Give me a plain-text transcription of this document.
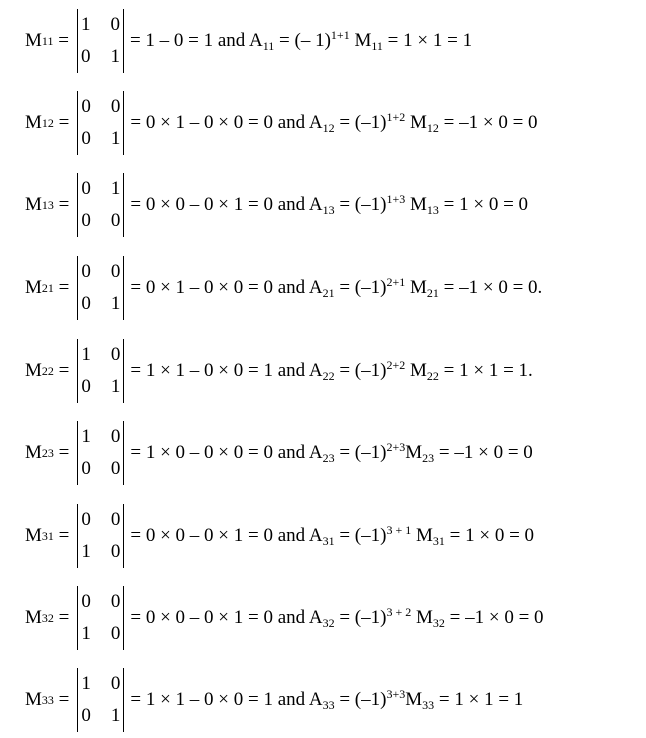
M 11 =
1	0
0	1
= 1 – 0 = 1 and $A_{11}$ = (– 1)$^{1+1}$ $M_{11} = 1 \times 1 = 1$
M 12 =
0	0
0	1
= 0 × 1 – 0 × 0 = 0 and $A_{12} = (-1)^{1+2}$ $M_{12} = -1 \times 0 = 0$
M 13 =
0	1
0	0
= 0 × 0 – 0 × 1 = 0 and $A_{13} = (-1)^{1+3}$ $M_{13} = 1 \times 0 = 0$
M 21 =
0	0
0	1
= 0 × 1 – 0 × 0 = 0 and $A_{21} = (-1)^{2+1}$ $M_{21} = -1 \times 0 = 0$.
M 22 =
1	0
0	1
= 1 × 1 – 0 × 0 = 1 and $A_{22} = (-1)^{2+2}$ $M_{22} = 1 \times 1 = 1$.
M 23 =
1	0
0	0
= 1 × 0 – 0 × 0 = 0 and $A_{23} = (-1)^{2+3}M_{23} = -1 \times 0 = 0$
M 31 =
0	0
1	0
= 0 × 0 – 0 × 1 = 0 and $A_{31} = (-1)^{3 + 1}$ $M_{31} = 1 \times 0 = 0$
M 32 =
0	0
1	0
= 0 × 0 – 0 × 1 = 0 and $A_{32} = (-1)^{3 + 2}$ $M_{32} = -1 \times 0 = 0$
M 33 =
1	0
0	1
= 1 × 1 – 0 × 0 = 1 and $A_{33} = (-1)^{3+3}M_{33} = 1 \times 1 = 1$
